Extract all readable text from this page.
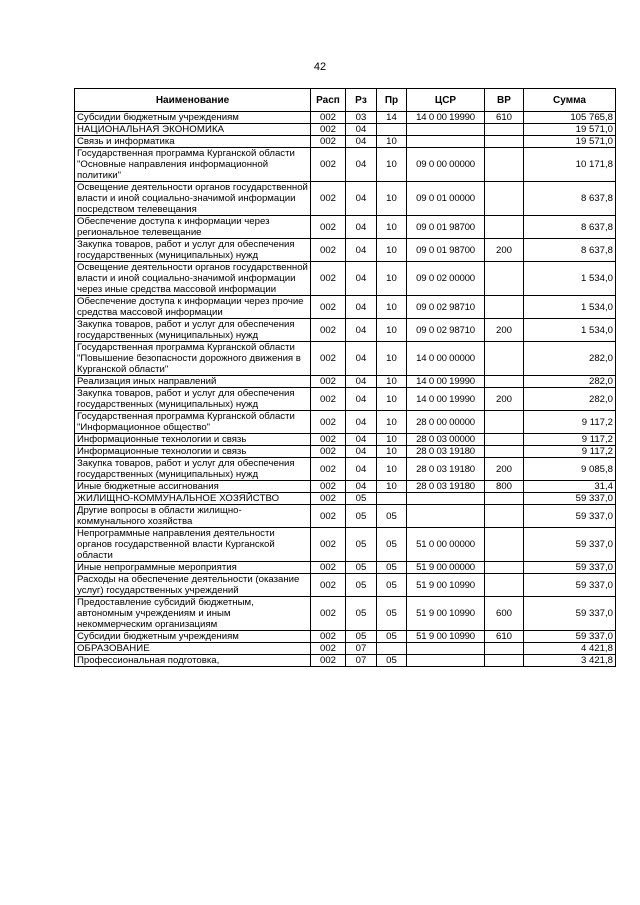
42
Наименование	Расп	Рз	Пр	ЦСР	ВР	Сумма
Субсидии бюджетным учреждениям	002	03	14	14 0 00 19990	610	105 765,8
НАЦИОНАЛЬНАЯ ЭКОНОМИКА	002	04				19 571,0
Связь и информатика	002	04	10			19 571,0
Государственная программа Курганской области "Основные направления информационной политики"	002	04	10	09 0 00 00000		10 171,8
Освещение деятельности органов государственной власти и иной социально-значимой информации посредством телевещания	002	04	10	09 0 01 00000		8 637,8
Обеспечение доступа к информации через региональное телевещание	002	04	10	09 0 01 98700		8 637,8
Закупка товаров, работ и услуг для обеспечения государственных (муниципальных) нужд	002	04	10	09 0 01 98700	200	8 637,8
Освещение деятельности органов государственной власти и иной социально-значимой информации через иные средства массовой информации	002	04	10	09 0 02 00000		1 534,0
Обеспечение доступа к информации через прочие средства массовой информации	002	04	10	09 0 02 98710		1 534,0
Закупка товаров, работ и услуг для обеспечения государственных (муниципальных) нужд	002	04	10	09 0 02 98710	200	1 534,0
Государственная программа Курганской области "Повышение безопасности дорожного движения в Курганской области"	002	04	10	14 0 00 00000		282,0
Реализация иных направлений	002	04	10	14 0 00 19990		282,0
Закупка товаров, работ и услуг для обеспечения государственных (муниципальных) нужд	002	04	10	14 0 00 19990	200	282,0
Государственная программа Курганской области "Информационное общество"	002	04	10	28 0 00 00000		9 117,2
Информационные технологии и связь	002	04	10	28 0 03 00000		9 117,2
Информационные технологии и связь	002	04	10	28 0 03 19180		9 117,2
Закупка товаров, работ и услуг для обеспечения государственных (муниципальных) нужд	002	04	10	28 0 03 19180	200	9 085,8
Иные бюджетные ассигнования	002	04	10	28 0 03 19180	800	31,4
ЖИЛИЩНО-КОММУНАЛЬНОЕ ХОЗЯЙСТВО	002	05				59 337,0
Другие вопросы в области жилищно-коммунального хозяйства	002	05	05			59 337,0
Непрограммные направления деятельности органов государственной власти Курганской области	002	05	05	51 0 00 00000		59 337,0
Иные непрограммные мероприятия	002	05	05	51 9 00 00000		59 337,0
Расходы на обеспечение деятельности (оказание услуг) государственных учреждений	002	05	05	51 9 00 10990		59 337,0
Предоставление субсидий бюджетным, автономным учреждениям и иным некоммерческим организациям	002	05	05	51 9 00 10990	600	59 337,0
Субсидии бюджетным учреждениям	002	05	05	51 9 00 10990	610	59 337,0
ОБРАЗОВАНИЕ	002	07				4 421,8
Профессиональная подготовка,	002	07	05			3 421,8
